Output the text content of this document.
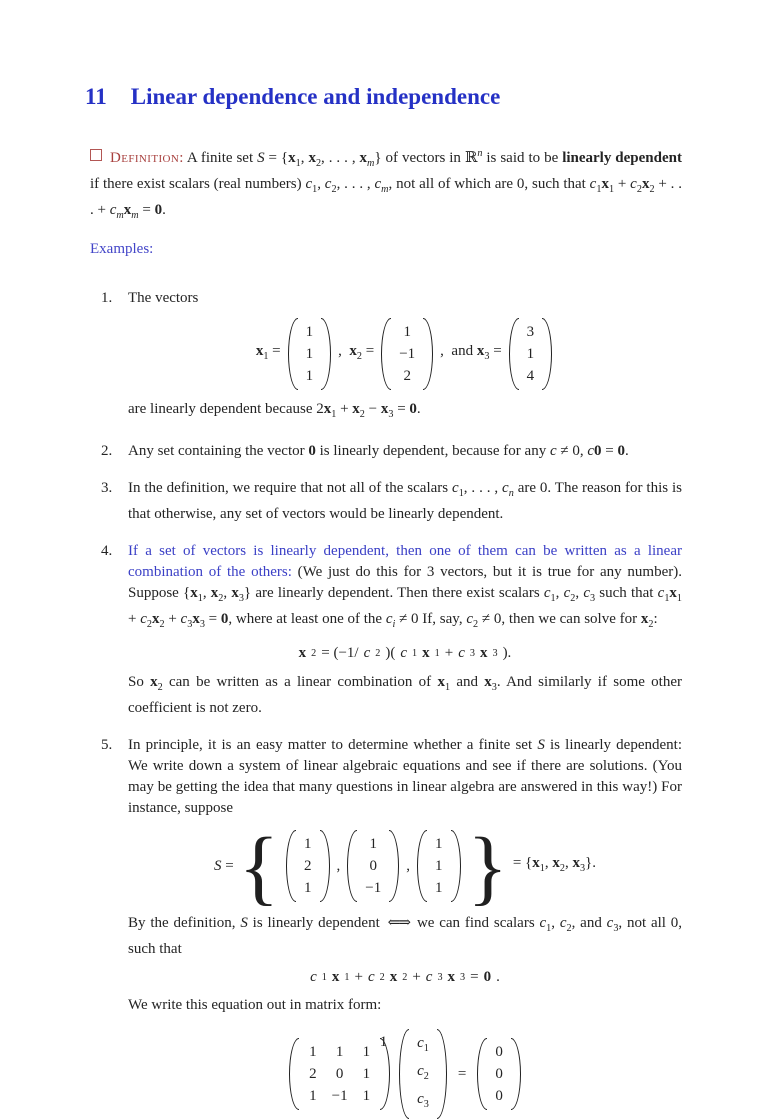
11 Linear dependence and independence

Definition: A finite set $S = \{x_1$, $x_2$, . . . , $x_m$} of vectors in ℝ$^n$ is said to be linearly dependent if there exist scalars (real numbers) $c_1$, $c_2$, . . . , $c_m$, not all of which are 0, such that $c_1x_1 + c_2x_2$ + . . . + $c_mx_m = 0$.

Examples:

1. The vectors
$x_1$ =
1
1
1
,  $x_2$ =
1
−1
2
,  and $x_3$ =
3
1
4
are linearly dependent because $2x_1 + x_2 - x_3 = 0$.
2. Any set containing the vector 0 is linearly dependent, because for any c ≠ 0, c0 = 0.
3. In the definition, we require that not all of the scalars $c_1$, . . . , $c_n$ are 0. The reason for this is that otherwise, any set of vectors would be linearly dependent.
4. If a set of vectors is linearly dependent, then one of them can be written as a linear combination of the others: (We just do this for 3 vectors, but it is true for any number). Suppose {$x_1$, $x_2$, $x_3$} are linearly dependent. Then there exist scalars $c_1$, $c_2$, $c_3$ such that $c_1x_1 + c_2x_2 + c_3x_3 = 0$, where at least one of the $c_i \ne 0$ If, say, $c_2 \ne 0$, then we can solve for $x_2$:
x 2 = (−1/ c 2 )( c 1 x 1 + c 3 x 3 ).
So $x_2$ can be written as a linear combination of $x_1$ and $x_3$. And similarly if some other coefficient is not zero.
5. In principle, it is an easy matter to determine whether a finite set S is linearly dependent: We write down a system of linear algebraic equations and see if there are solutions. (You may be getting the idea that many questions in linear algebra are answered in this way!) For instance, suppose
S = { 1
2
1
,
1
0
−1
,
1
1
1 } = {$x_1$, $x_2$, $x_3$}.
By the definition, S is linearly dependent ⇐⇒ we can find scalars $c_1$, $c_2$, and $c_3$, not all 0, such that
c 1 x 1 + c 2 x 2 + c 3 x 3 = 0 .
We write this equation out in matrix form:
1 1 1
2 0 1
1 −1 1
$c_1$
$c_2$
$c_3$
=
0
0
0
1
